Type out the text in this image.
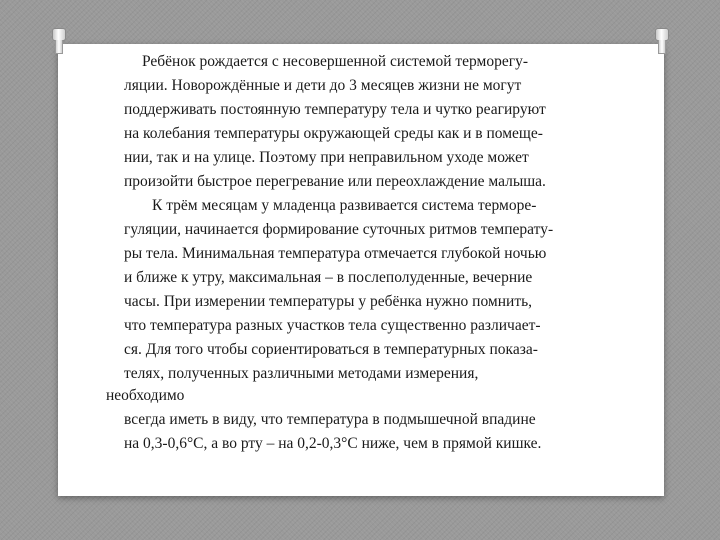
Ребёнок рождается с несовершенной системой терморегу-
ляции. Новорождённые и дети до 3 месяцев жизни не могут
поддерживать постоянную температуру тела и чутко реагируют
на колебания температуры окружающей среды как и в помеще-
нии, так и на улице. Поэтому при неправильном уходе может
произойти быстрое перегревание или переохлаждение малыша.
К трём месяцам у младенца развивается система терморе-
гуляции, начинается формирование суточных ритмов температу-
ры тела. Минимальная температура отмечается глубокой ночью
и ближе к утру, максимальная – в послеполуденные, вечерние
часы. При измерении температуры у ребёнка нужно помнить,
что температура разных участков тела существенно различает-
ся. Для того чтобы сориентироваться в температурных показа-
телях, полученных различными методами измерения,
необходимо
всегда иметь в виду, что температура в подмышечной впадине
на 0,3-0,6°С, а во рту – на 0,2-0,3°С ниже, чем в прямой кишке.
